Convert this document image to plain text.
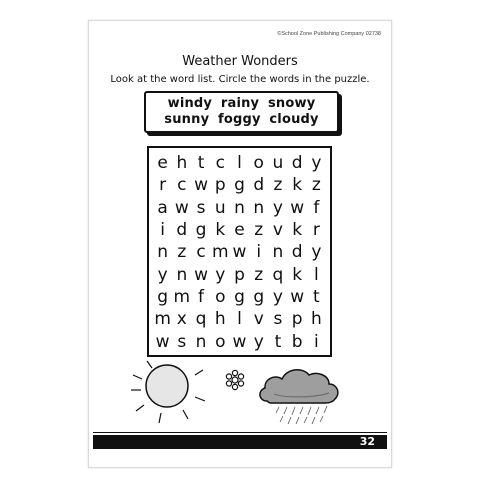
©School Zone Publishing Company 02738
Weather Wonders
Look at the word list. Circle the words in the puzzle.
windy rainy snowy
sunny foggy cloudy
e h t c l o u d y
r c w p g d z k z
a w s u n n y w f
i d g k e z v k r
n z c m w i n d y
y n w y p z q k l
g m f o g g y w t
m x q h l v s p h
w s n o w y t b i
32
